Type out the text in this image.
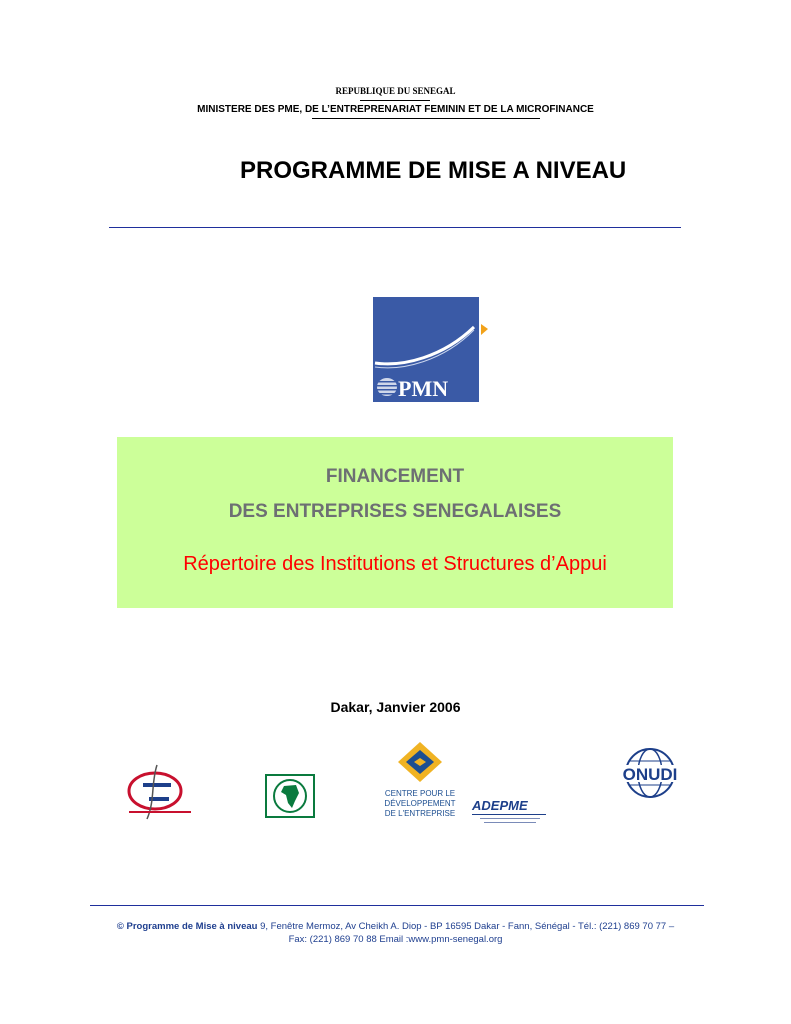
REPUBLIQUE DU SENEGAL
MINISTERE DES PME, DE L’ENTREPRENARIAT FEMININ ET DE LA MICROFINANCE
PROGRAMME DE MISE A NIVEAU
PMN
FINANCEMENT
DES ENTREPRISES SENEGALAISES
Répertoire des Institutions et Structures d’Appui
Dakar, Janvier 2006
CENTRE POUR LE
DÉVELOPPEMENT
DE L'ENTREPRISE
ADEPME
ONUDI
© Programme de Mise à niveau 9, Fenêtre Mermoz, Av Cheikh A. Diop - BP 16595 Dakar - Fann, Sénégal - Tél.: (221) 869 70 77 –
Fax: (221) 869 70 88 Email :www.pmn-senegal.org
